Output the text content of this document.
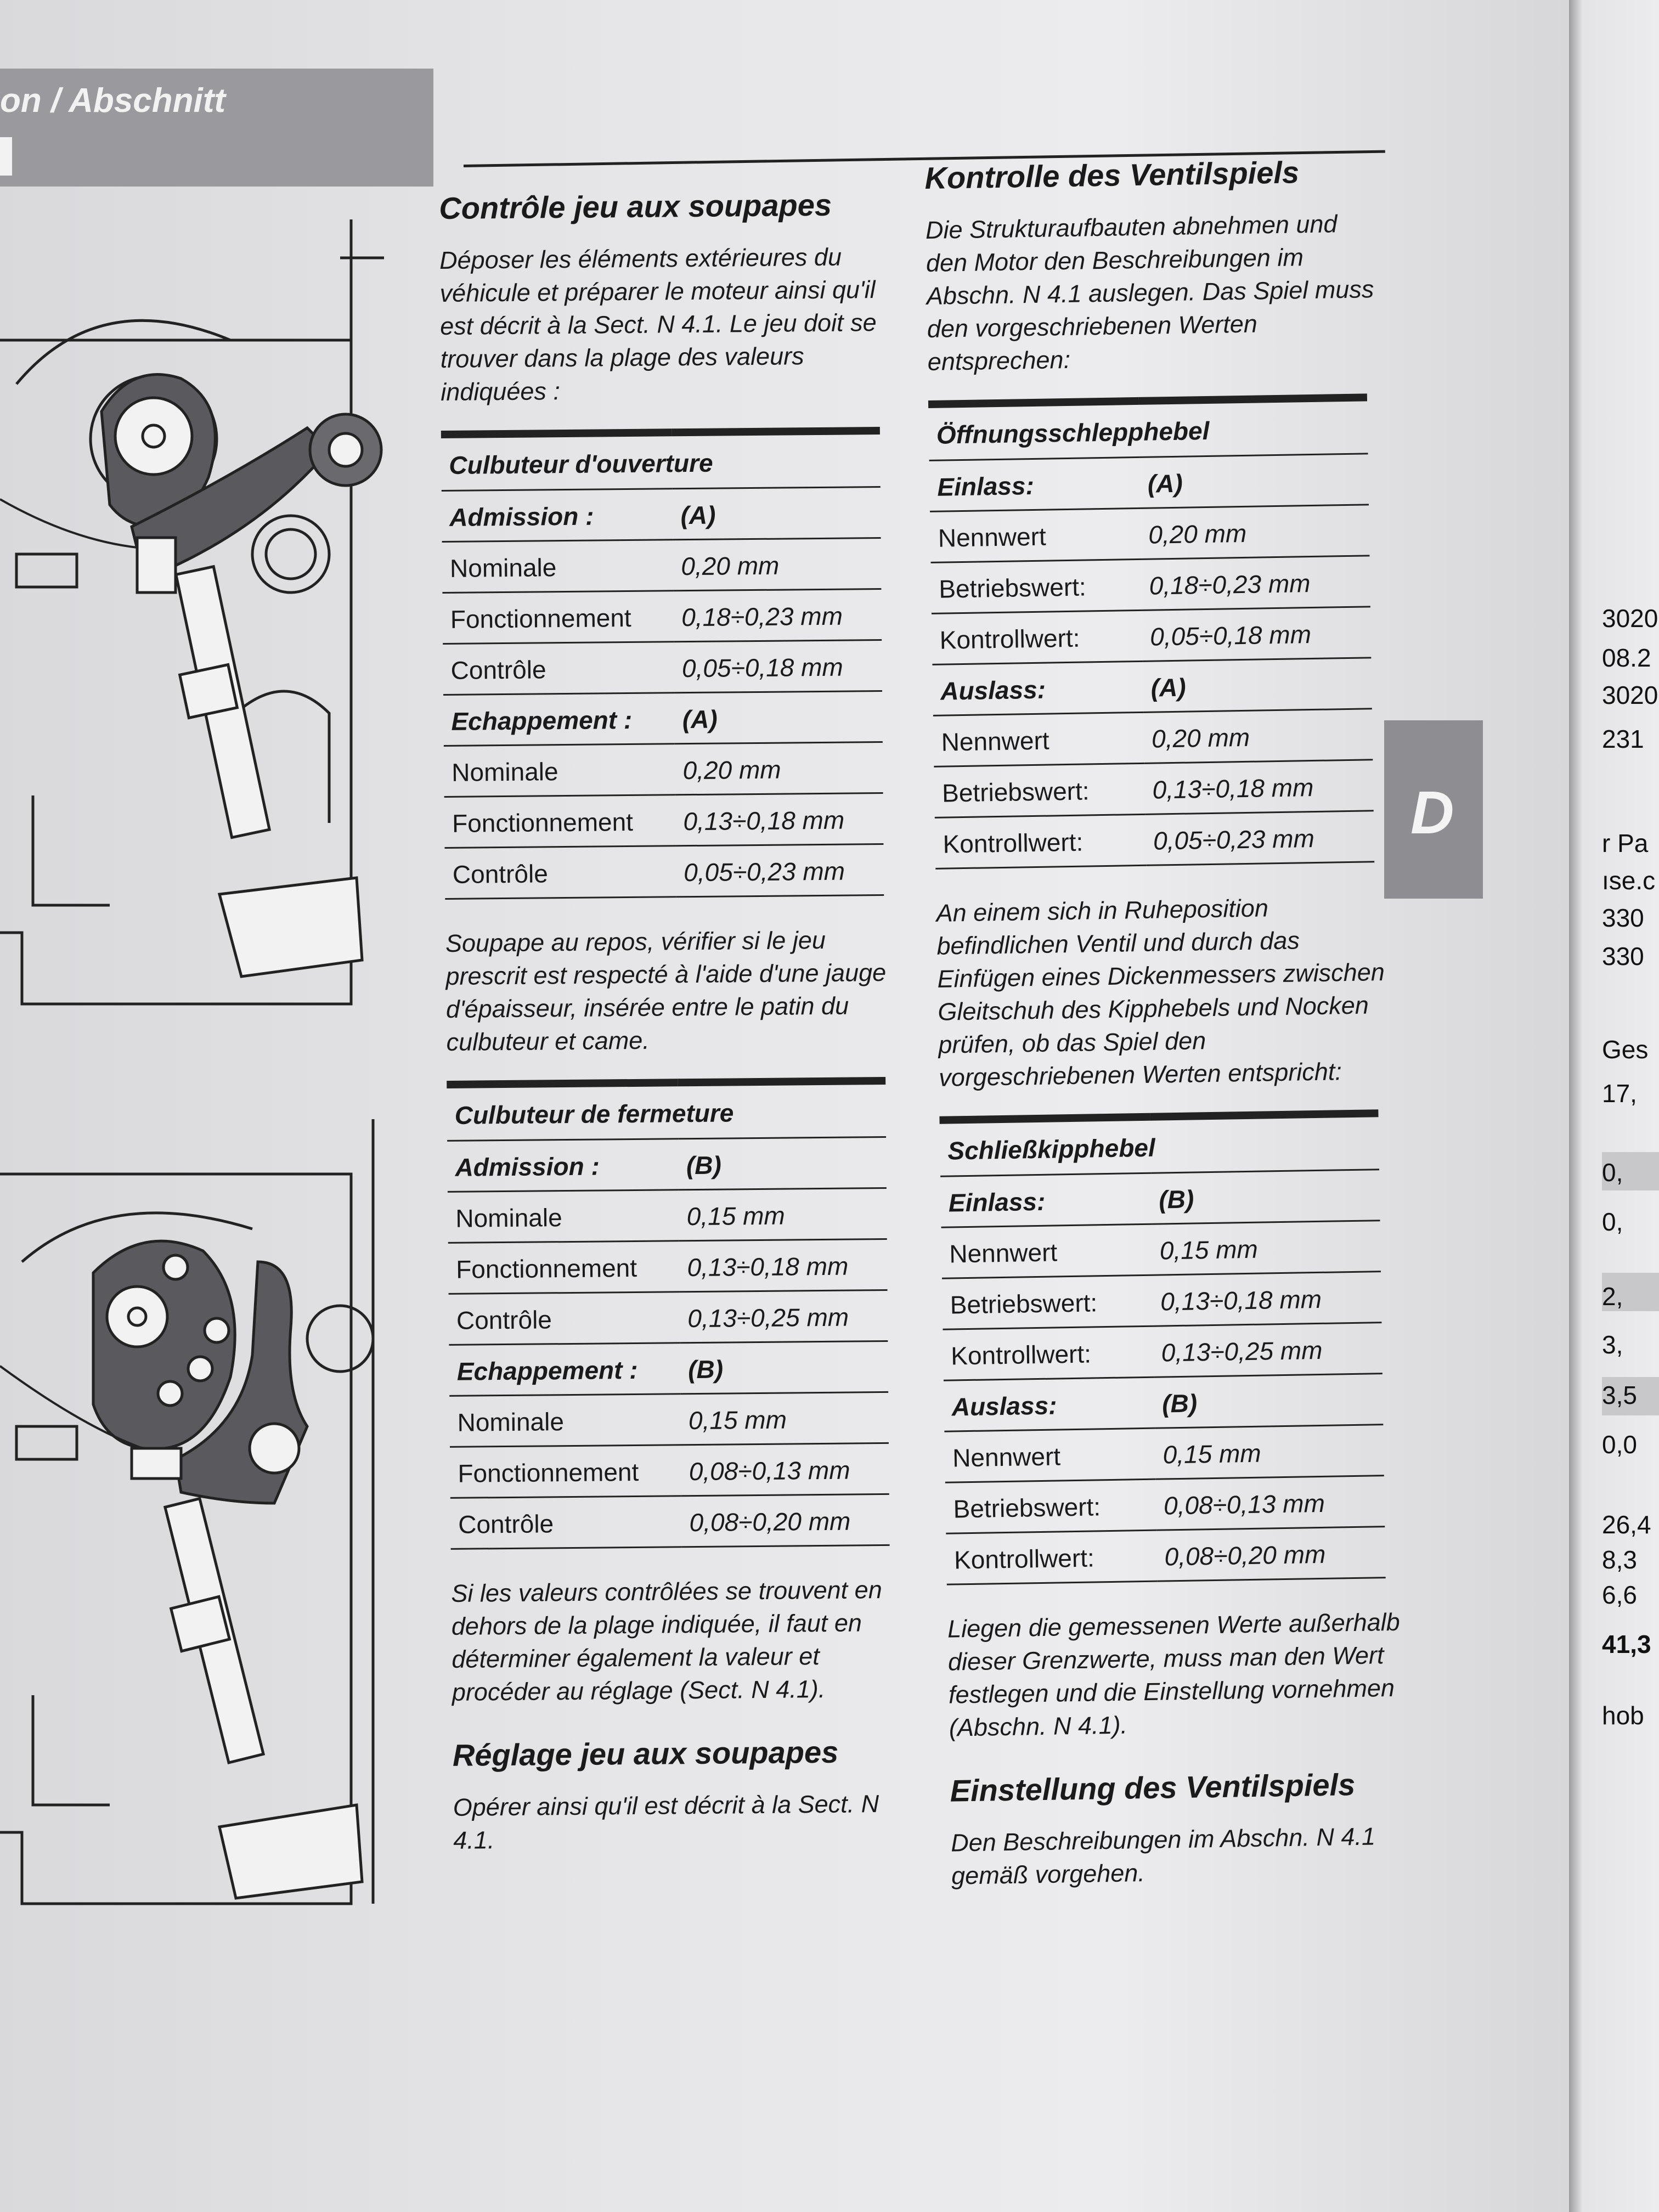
on / Abschnitt
Contrôle jeu aux soupapes

Déposer les éléments extérieures du véhicule et préparer le moteur ainsi qu'il est décrit à la Sect. N 4.1. Le jeu doit se trouver dans la plage des valeurs indiquées :

Culbuteur d'ouverture	
Admission :	(A)
Nominale	0,20 mm
Fonctionnement	0,18÷0,23 mm
Contrôle	0,05÷0,18 mm
Echappement :	(A)
Nominale	0,20 mm
Fonctionnement	0,13÷0,18 mm
Contrôle	0,05÷0,23 mm

Soupape au repos, vérifier si le jeu prescrit est respecté à l'aide d'une jauge d'épaisseur, insérée entre le patin du culbuteur et came.

Culbuteur de fermeture	
Admission :	(B)
Nominale	0,15 mm
Fonctionnement	0,13÷0,18 mm
Contrôle	0,13÷0,25 mm
Echappement :	(B)
Nominale	0,15 mm
Fonctionnement	0,08÷0,13 mm
Contrôle	0,08÷0,20 mm

Si les valeurs contrôlées se trouvent en dehors de la plage indiquée, il faut en déterminer également la valeur et procéder au réglage (Sect. N 4.1).

Réglage jeu aux soupapes

Opérer ainsi qu'il est décrit à la Sect. N 4.1.

Kontrolle des Ventilspiels

Die Strukturaufbauten abnehmen und den Motor den Beschreibungen im Abschn. N 4.1 auslegen. Das Spiel muss den vorgeschriebenen Werten entsprechen:

Öffnungsschlepphebel	
Einlass:	(A)
Nennwert	0,20 mm
Betriebswert:	0,18÷0,23 mm
Kontrollwert:	0,05÷0,18 mm
Auslass:	(A)
Nennwert	0,20 mm
Betriebswert:	0,13÷0,18 mm
Kontrollwert:	0,05÷0,23 mm

An einem sich in Ruheposition befindlichen Ventil und durch das Einfügen eines Dickenmessers zwischen Gleitschuh des Kipphebels und Nocken prüfen, ob das Spiel den vorgeschriebenen Werten entspricht:

Schließkipphebel	
Einlass:	(B)
Nennwert	0,15 mm
Betriebswert:	0,13÷0,18 mm
Kontrollwert:	0,13÷0,25 mm
Auslass:	(B)
Nennwert	0,15 mm
Betriebswert:	0,08÷0,13 mm
Kontrollwert:	0,08÷0,20 mm

Liegen die gemessenen Werte außerhalb dieser Grenzwerte, muss man den Wert festlegen und die Einstellung vornehmen (Abschn. N 4.1).

Einstellung des Ventilspiels

Den Beschreibungen im Abschn. N 4.1 gemäß vorgehen.

D
3020
08.2
3020
231
r Pa
ıse.c
330
330
Ges
17,
0,
0,
2,
3,
3,5
0,0
26,4
8,3
6,6
41,3
hob
